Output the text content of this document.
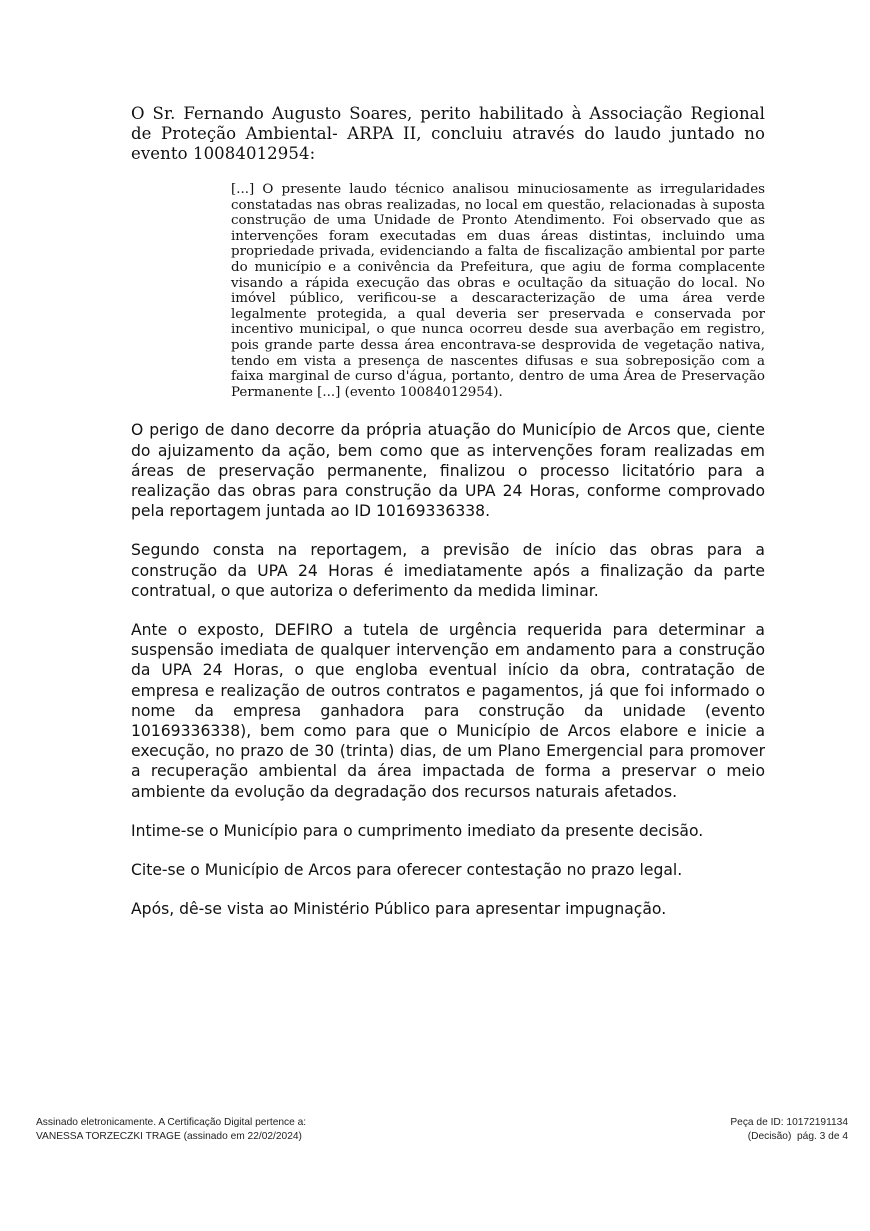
O Sr. Fernando Augusto Soares, perito habilitado à Associação Regional de Proteção Ambiental- ARPA II, concluiu através do laudo juntado no evento 10084012954:

[...] O presente laudo técnico analisou minuciosamente as irregularidades constatadas nas obras realizadas, no local em questão, relacionadas à suposta construção de uma Unidade de Pronto Atendimento. Foi observado que as intervenções foram executadas em duas áreas distintas, incluindo uma propriedade privada, evidenciando a falta de fiscalização ambiental por parte do município e a conivência da Prefeitura, que agiu de forma complacente visando a rápida execução das obras e ocultação da situação do local. No imóvel público, verificou-se a descaracterização de uma área verde legalmente protegida, a qual deveria ser preservada e conservada por incentivo municipal, o que nunca ocorreu desde sua averbação em registro, pois grande parte dessa área encontrava-se desprovida de vegetação nativa, tendo em vista a presença de nascentes difusas e sua sobreposição com a faixa marginal de curso d'água, portanto, dentro de uma Área de Preservação Permanente [...] (evento 10084012954).

O perigo de dano decorre da própria atuação do Município de Arcos que, ciente do ajuizamento da ação, bem como que as intervenções foram realizadas em áreas de preservação permanente, finalizou o processo licitatório para a realização das obras para construção da UPA 24 Horas, conforme comprovado pela reportagem juntada ao ID 10169336338.

Segundo consta na reportagem, a previsão de início das obras para a construção da UPA 24 Horas é imediatamente após a finalização da parte contratual, o que autoriza o deferimento da medida liminar.

Ante o exposto, DEFIRO a tutela de urgência requerida para determinar a suspensão imediata de qualquer intervenção em andamento para a construção da UPA 24 Horas, o que engloba eventual início da obra, contratação de empresa e realização de outros contratos e pagamentos, já que foi informado o nome da empresa ganhadora para construção da unidade (evento 10169336338), bem como para que o Município de Arcos elabore e inicie a execução, no prazo de 30 (trinta) dias, de um Plano Emergencial para promover a recuperação ambiental da área impactada de forma a preservar o meio ambiente da evolução da degradação dos recursos naturais afetados.

Intime-se o Município para o cumprimento imediato da presente decisão.

Cite-se o Município de Arcos para oferecer contestação no prazo legal.

Após, dê-se vista ao Ministério Público para apresentar impugnação.

Assinado eletronicamente. A Certificação Digital pertence a:
VANESSA TORZECZKI TRAGE (assinado em 22/02/2024)
Peça de ID: 10172191134
(Decisão)  pág. 3 de 4
